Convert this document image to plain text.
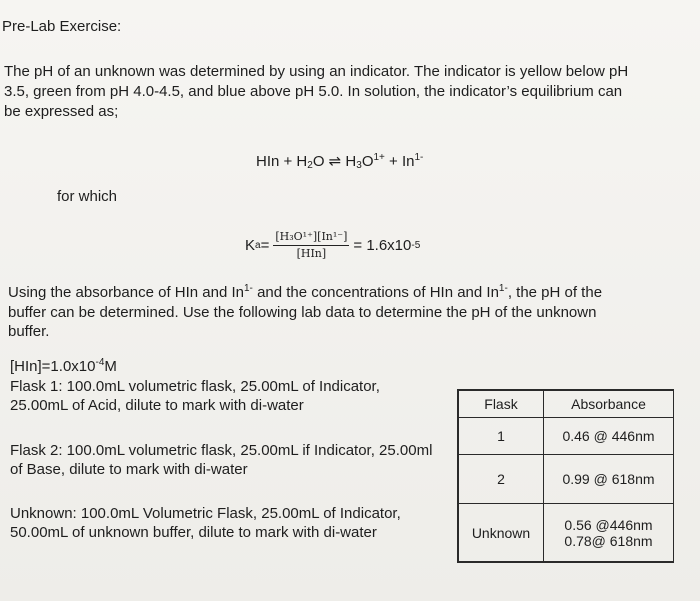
Pre-Lab Exercise:
The pH of an unknown was determined by using an indicator. The indicator is yellow below pH
3.5, green from pH 4.0-4.5, and blue above pH 5.0. In solution, the indicator’s equilibrium can
be expressed as;
HIn + $H_2O$ ⇌ $H_3O^{1+} + In^{1-}$
for which
K $a = \frac{\text{[H₃O¹⁺][In¹⁻]}}{\text{[HIn]}} = 1.6x10$ -5
Using the absorbance of HIn and $In^{1-}$ and the concentrations of HIn and $In^{1-}$, the pH of the
buffer can be determined. Use the following lab data to determine the pH of the unknown
buffer.
$[HIn]=1.0x10^{-4}M$
Flask 1: 100.0mL volumetric flask, 25.00mL of Indicator,
25.00mL of Acid, dilute to mark with di-water
Flask 2: 100.0mL volumetric flask, 25.00mL if Indicator, 25.00ml
of Base, dilute to mark with di-water
Unknown: 100.0mL Volumetric Flask, 25.00mL of Indicator,
50.00mL of unknown buffer, dilute to mark with di-water
Flask	Absorbance
1	0.46 @ 446nm
2	0.99 @ 618nm
Unknown	0.56 @446nm
0.78@ 618nm
